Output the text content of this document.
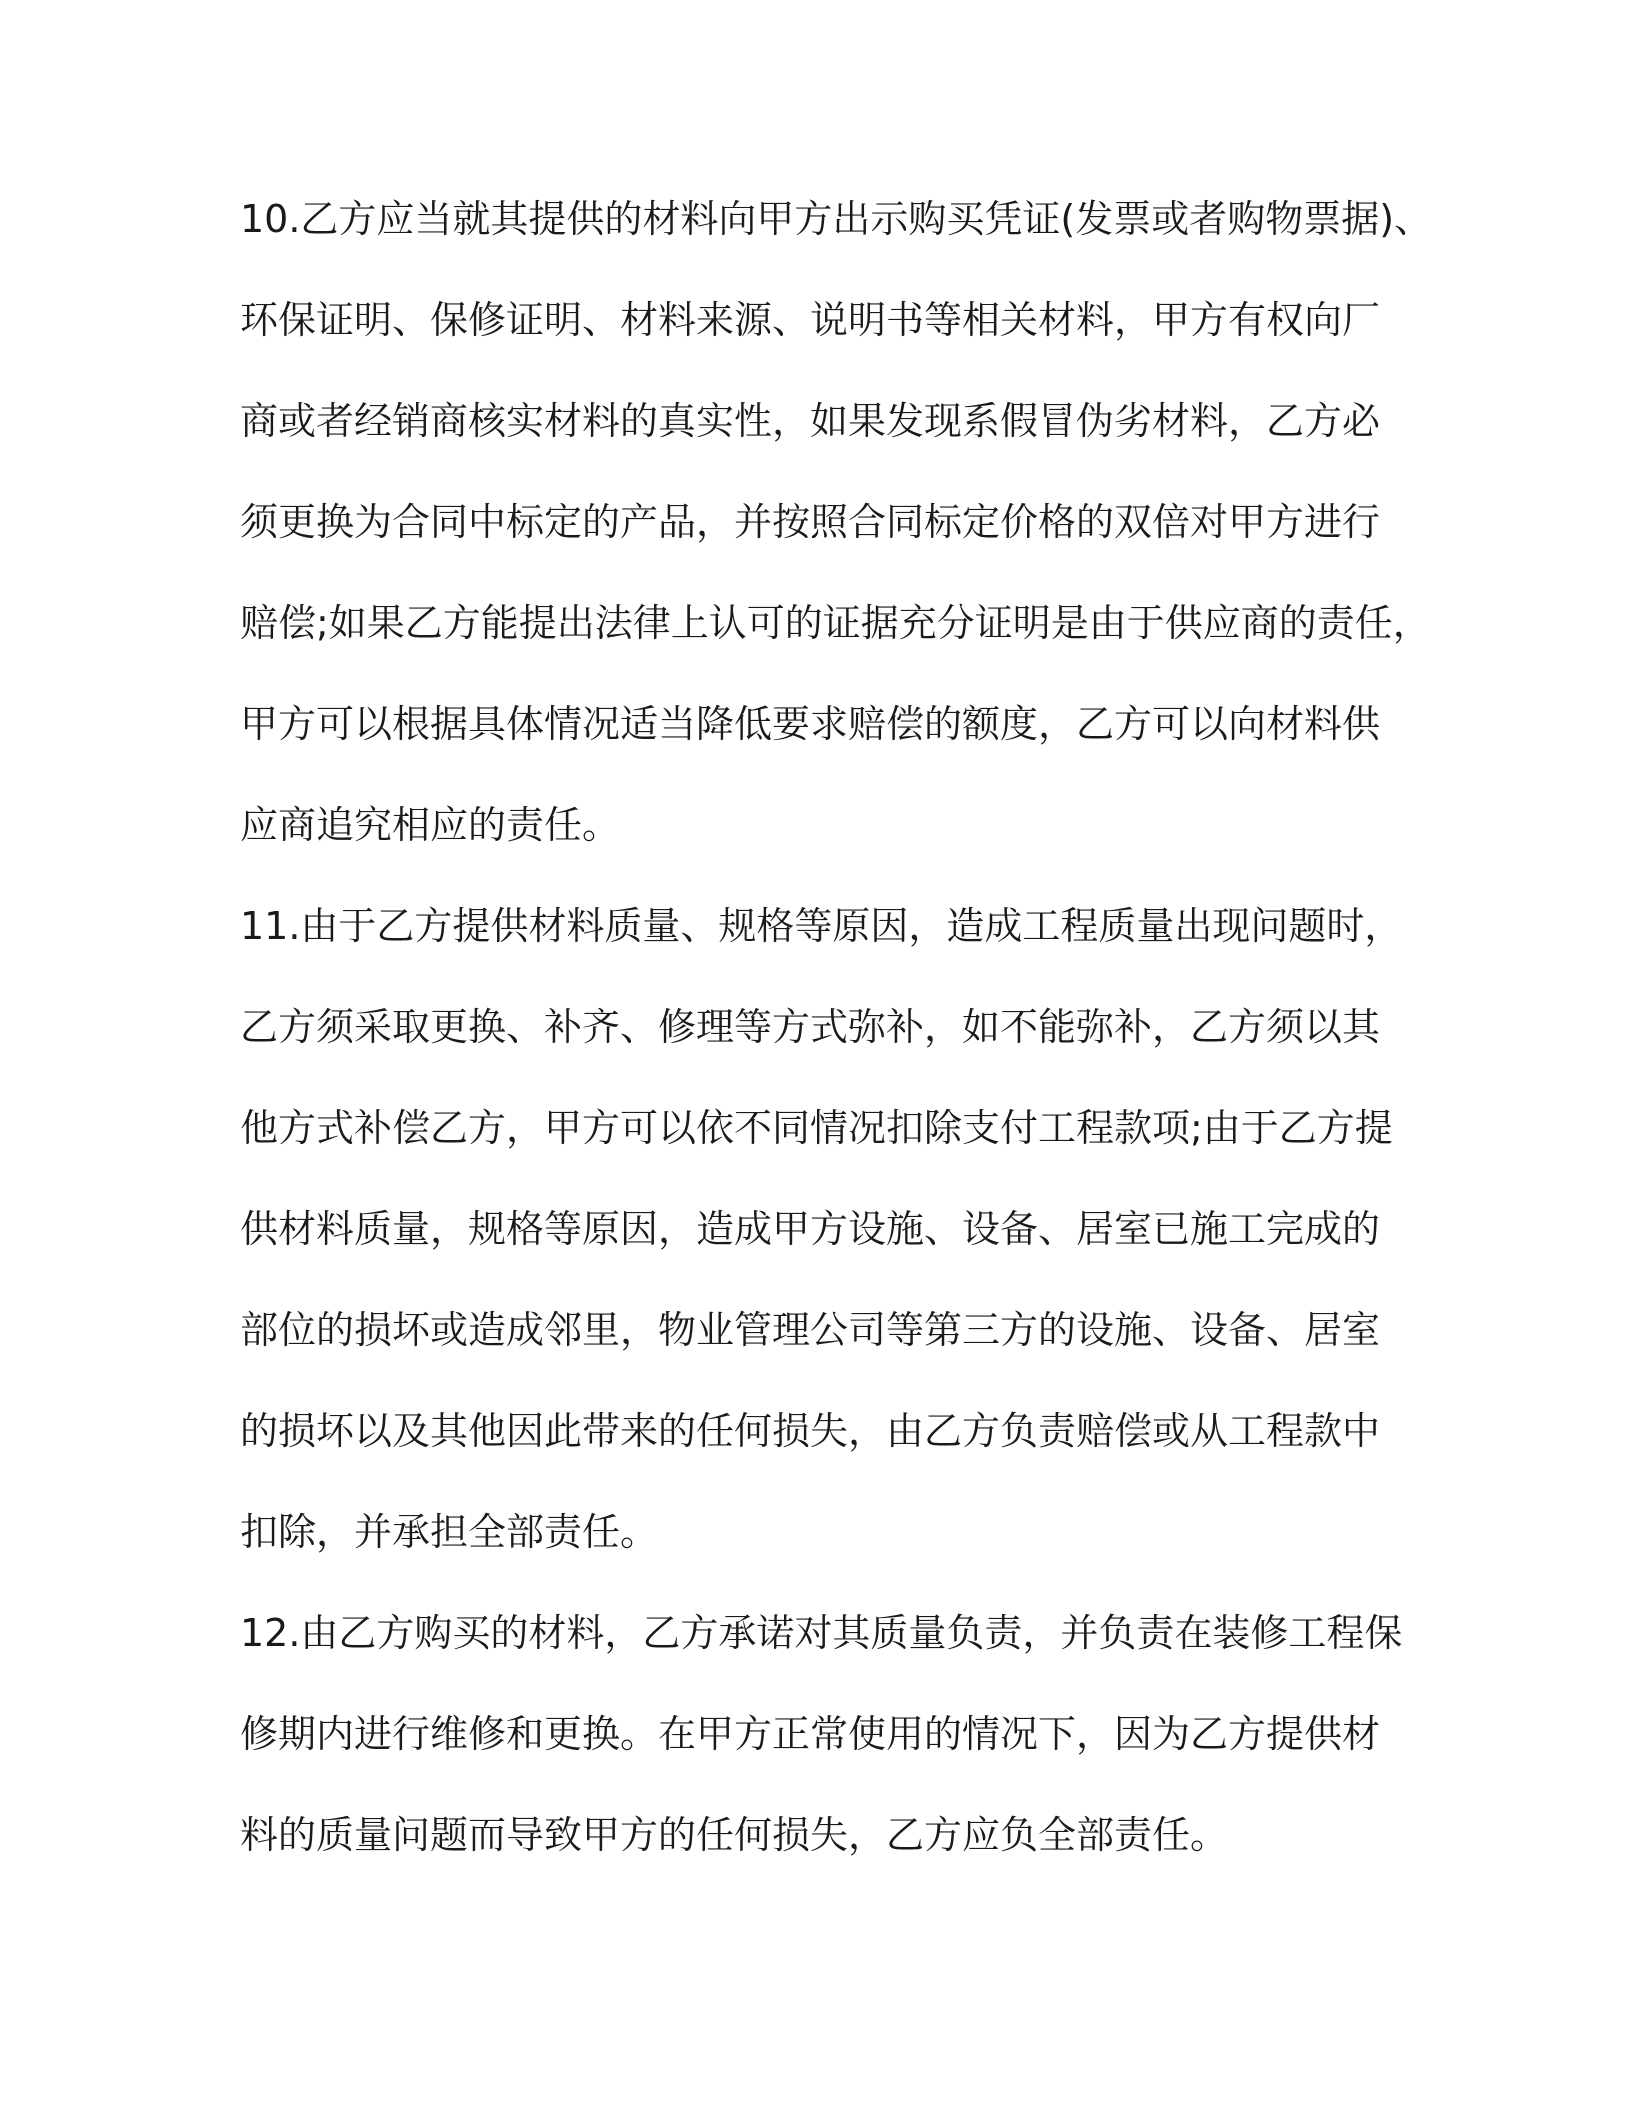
10.乙方应当就其提供的材料向甲方出示购买凭证(发票或者购物票据)、
环保证明、保修证明、材料来源、说明书等相关材料，甲方有权向厂
商或者经销商核实材料的真实性，如果发现系假冒伪劣材料，乙方必
须更换为合同中标定的产品，并按照合同标定价格的双倍对甲方进行
赔偿;如果乙方能提出法律上认可的证据充分证明是由于供应商的责任，
甲方可以根据具体情况适当降低要求赔偿的额度，乙方可以向材料供
应商追究相应的责任。
11.由于乙方提供材料质量、规格等原因，造成工程质量出现问题时，
乙方须采取更换、补齐、修理等方式弥补，如不能弥补，乙方须以其
他方式补偿乙方，甲方可以依不同情况扣除支付工程款项;由于乙方提
供材料质量，规格等原因，造成甲方设施、设备、居室已施工完成的
部位的损坏或造成邻里，物业管理公司等第三方的设施、设备、居室
的损坏以及其他因此带来的任何损失，由乙方负责赔偿或从工程款中
扣除，并承担全部责任。
12.由乙方购买的材料，乙方承诺对其质量负责，并负责在装修工程保
修期内进行维修和更换。在甲方正常使用的情况下，因为乙方提供材
料的质量问题而导致甲方的任何损失，乙方应负全部责任。
